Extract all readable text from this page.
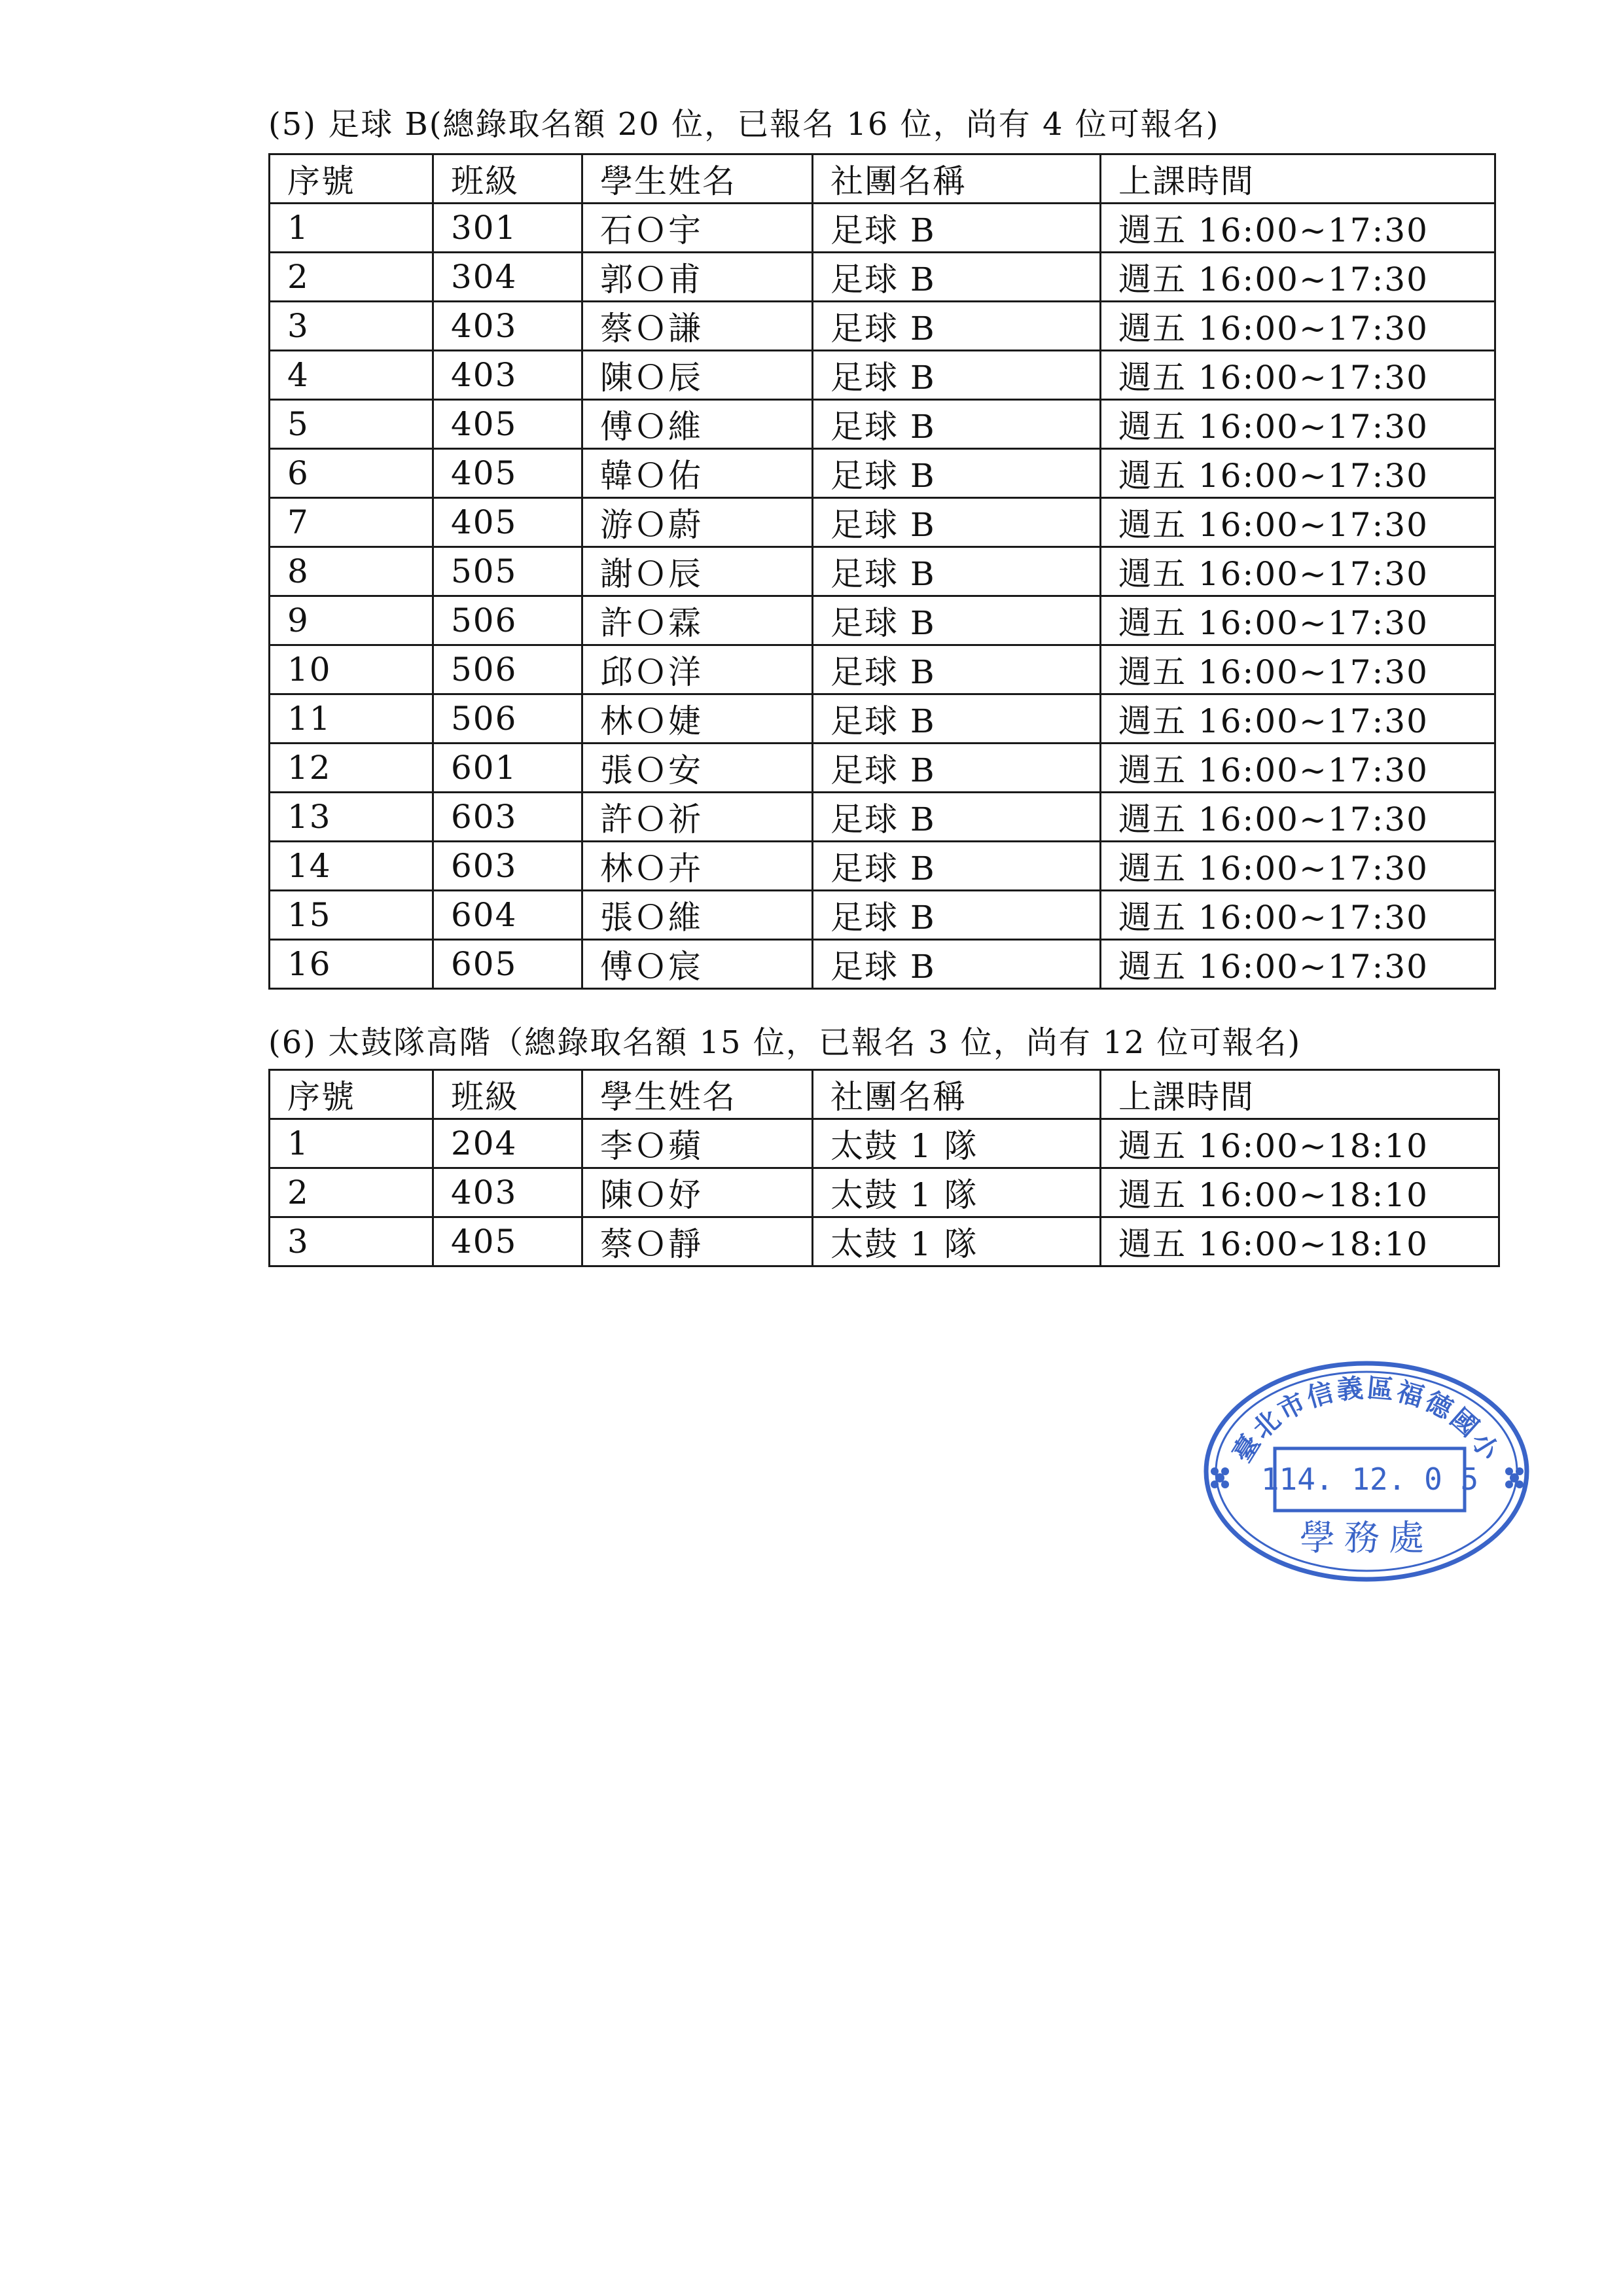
(5) 足球 B(總錄取名額 20 位，已報名 16 位，尚有 4 位可報名)
序號	班級	學生姓名	社團名稱	上課時間
1	301	石Ｏ宇	足球 B	週五 16:00~17:30
2	304	郭Ｏ甫	足球 B	週五 16:00~17:30
3	403	蔡Ｏ謙	足球 B	週五 16:00~17:30
4	403	陳Ｏ辰	足球 B	週五 16:00~17:30
5	405	傅Ｏ維	足球 B	週五 16:00~17:30
6	405	韓Ｏ佑	足球 B	週五 16:00~17:30
7	405	游Ｏ蔚	足球 B	週五 16:00~17:30
8	505	謝Ｏ辰	足球 B	週五 16:00~17:30
9	506	許Ｏ霖	足球 B	週五 16:00~17:30
10	506	邱Ｏ洋	足球 B	週五 16:00~17:30
11	506	林Ｏ婕	足球 B	週五 16:00~17:30
12	601	張Ｏ安	足球 B	週五 16:00~17:30
13	603	許Ｏ祈	足球 B	週五 16:00~17:30
14	603	林Ｏ卉	足球 B	週五 16:00~17:30
15	604	張Ｏ維	足球 B	週五 16:00~17:30
16	605	傅Ｏ宸	足球 B	週五 16:00~17:30
(6) 太鼓隊高階（總錄取名額 15 位，已報名 3 位，尚有 12 位可報名)
序號	班級	學生姓名	社團名稱	上課時間
1	204	李Ｏ蘋	太鼓 1 隊	週五 16:00~18:10
2	403	陳Ｏ妤	太鼓 1 隊	週五 16:00~18:10
3	405	蔡Ｏ靜	太鼓 1 隊	週五 16:00~18:10
臺北市信義區福德國小
114. 12. 0 5
學務處
